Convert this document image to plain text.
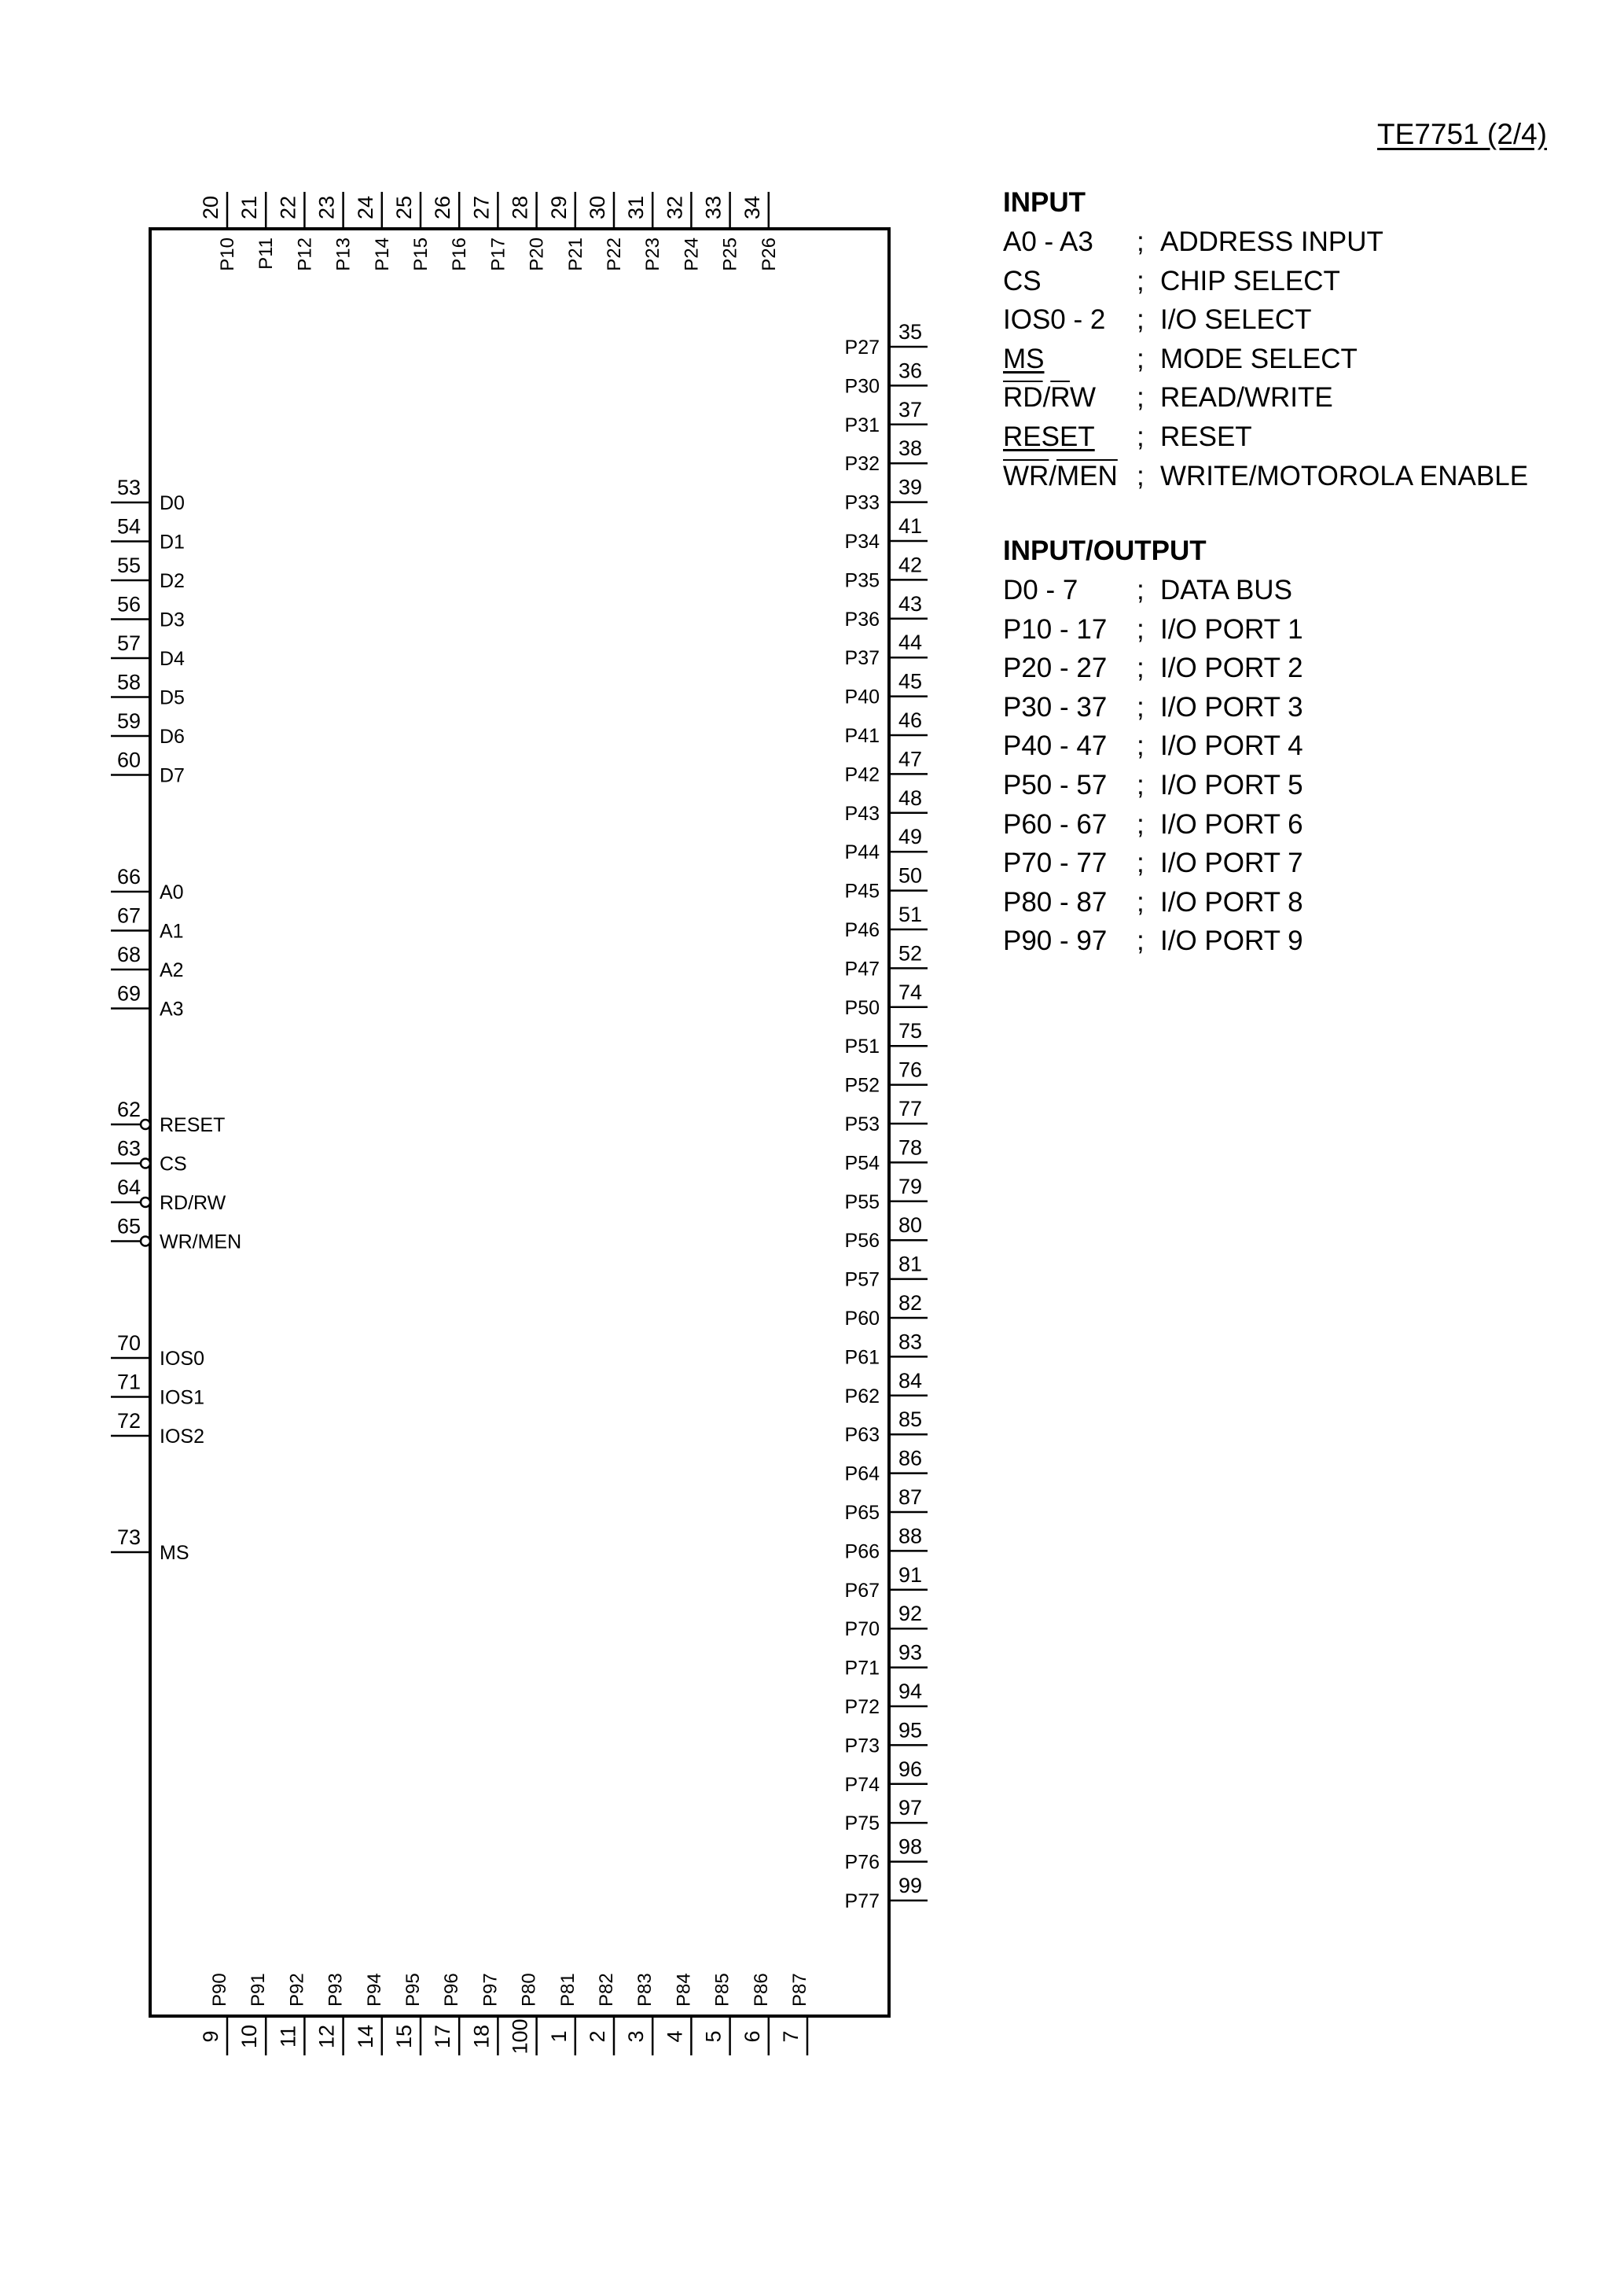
TE7751 (2/4)
20
P10
21
P11
22
P12
23
P13
24
P14
25
P15
26
P16
27
P17
28
P20
29
P21
30
P22
31
P23
32
P24
33
P25
34
P26
9
P90
10
P91
11
P92
12
P93
14
P94
15
P95
17
P96
18
P97
100
P80
1
P81
2
P82
3
P83
4
P84
5
P85
6
P86
7
P87
35
P27
36
P30
37
P31
38
P32
39
P33
41
P34
42
P35
43
P36
44
P37
45
P40
46
P41
47
P42
48
P43
49
P44
50
P45
51
P46
52
P47
74
P50
75
P51
76
P52
77
P53
78
P54
79
P55
80
P56
81
P57
82
P60
83
P61
84
P62
85
P63
86
P64
87
P65
88
P66
91
P67
92
P70
93
P71
94
P72
95
P73
96
P74
97
P75
98
P76
99
P77
53
D0
54
D1
55
D2
56
D3
57
D4
58
D5
59
D6
60
D7
66
A0
67
A1
68
A2
69
A3
62
RESET
63
CS
64
RD/RW
65
WR/MEN
70
IOS0
71
IOS1
72
IOS2
73
MS
INPUT
A0 - A3 ; ADDRESS INPUT
CS	; CHIP SELECT
IOS0 - 2 ; I/O SELECT
MS	; MODE SELECT
$\overline{RD}/\overline{R}W$ ; READ/WRITE
RESET ; RESET
$\overline{WR}/\overline{MEN}$ ; WRITE/MOTOROLA ENABLE
INPUT/OUTPUT
D0 - 7 ; DATA BUS
P10 - 17 ; I/O PORT 1
P20 - 27 ; I/O PORT 2
P30 - 37 ; I/O PORT 3
P40 - 47 ; I/O PORT 4
P50 - 57 ; I/O PORT 5
P60 - 67 ; I/O PORT 6
P70 - 77 ; I/O PORT 7
P80 - 87 ; I/O PORT 8
P90 - 97 ; I/O PORT 9
